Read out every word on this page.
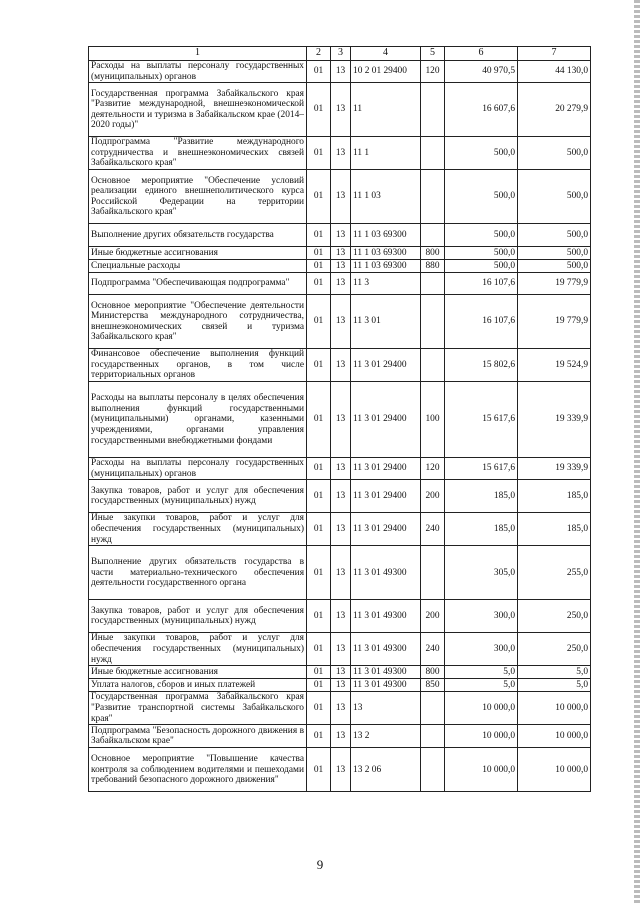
1	2	3	4	5	6	7
Расходы на выплаты персоналу государственных (муниципальных) органов	01	13	10 2 01 29400	120	40 970,5	44 130,0
Государственная программа Забайкальского края "Развитие международной, внешнеэкономической деятельности и туризма в Забайкальском крае (2014–2020 годы)"	01	13	11		16 607,6	20 279,9
Подпрограмма "Развитие международного сотрудничества и внешнеэкономических связей Забайкальского края"	01	13	11 1		500,0	500,0
Основное мероприятие "Обеспечение условий реализации единого внешнеполитического курса Российской Федерации на территории Забайкальского края"	01	13	11 1 03		500,0	500,0
Выполнение других обязательств государства	01	13	11 1 03 69300		500,0	500,0
Иные бюджетные ассигнования	01	13	11 1 03 69300	800	500,0	500,0
Специальные расходы	01	13	11 1 03 69300	880	500,0	500,0
Подпрограмма "Обеспечивающая подпрограмма"	01	13	11 3		16 107,6	19 779,9
Основное мероприятие "Обеспечение деятельности Министерства международного сотрудничества, внешнеэкономических связей и туризма Забайкальского края"	01	13	11 3 01		16 107,6	19 779,9
Финансовое обеспечение выполнения функций государственных органов, в том числе территориальных органов	01	13	11 3 01 29400		15 802,6	19 524,9
Расходы на выплаты персоналу в целях обеспечения выполнения функций государственными (муниципальными) органами, казенными учреждениями, органами управления государственными внебюджетными фондами	01	13	11 3 01 29400	100	15 617,6	19 339,9
Расходы на выплаты персоналу государственных (муниципальных) органов	01	13	11 3 01 29400	120	15 617,6	19 339,9
Закупка товаров, работ и услуг для обеспечения государственных (муниципальных) нужд	01	13	11 3 01 29400	200	185,0	185,0
Иные закупки товаров, работ и услуг для обеспечения государственных (муниципальных) нужд	01	13	11 3 01 29400	240	185,0	185,0
Выполнение других обязательств государства в части материально-технического обеспечения деятельности государственного органа	01	13	11 3 01 49300		305,0	255,0
Закупка товаров, работ и услуг для обеспечения государственных (муниципальных) нужд	01	13	11 3 01 49300	200	300,0	250,0
Иные закупки товаров, работ и услуг для обеспечения государственных (муниципальных) нужд	01	13	11 3 01 49300	240	300,0	250,0
Иные бюджетные ассигнования	01	13	11 3 01 49300	800	5,0	5,0
Уплата налогов, сборов и иных платежей	01	13	11 3 01 49300	850	5,0	5,0
Государственная программа Забайкальского края "Развитие транспортной системы Забайкальского края"	01	13	13		10 000,0	10 000,0
Подпрограмма "Безопасность дорожного движения в Забайкальском крае"	01	13	13 2		10 000,0	10 000,0
Основное мероприятие "Повышение качества контроля за соблюдением водителями и пешеходами требований безопасного дорожного движения"	01	13	13 2 06		10 000,0	10 000,0
9
